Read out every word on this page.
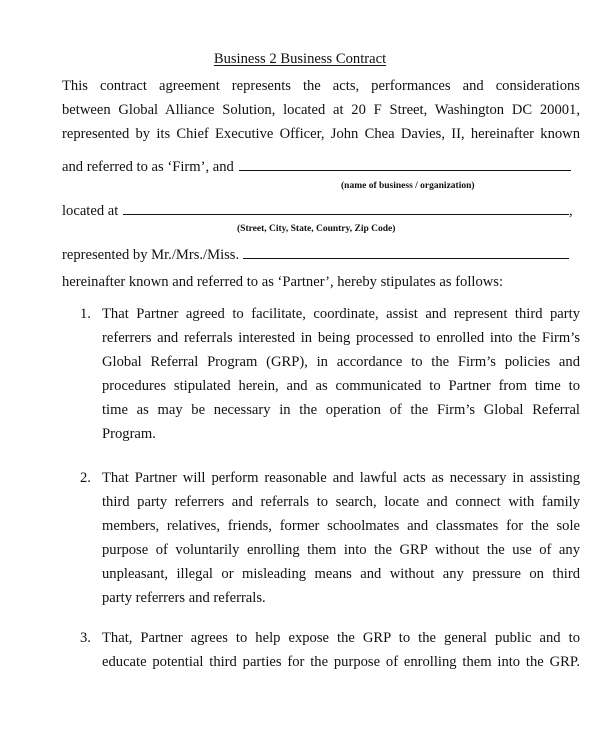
Business 2 Business Contract
This contract agreement represents the acts, performances and considerations
between Global Alliance Solution, located at 20 F Street, Washington DC 20001,
represented by its Chief Executive Officer, John Chea Davies, II, hereinafter known
and referred to as ‘Firm’, and
(name of business / organization)
located at	,
(Street, City, State, Country, Zip Code)
represented by Mr./Mrs./Miss.
hereinafter known and referred to as ‘Partner’, hereby stipulates as follows:
1. That Partner agreed to facilitate, coordinate, assist and represent third party
referrers and referrals interested in being processed to enrolled into the Firm’s
Global Referral Program (GRP), in accordance to the Firm’s policies and
procedures stipulated herein, and as communicated to Partner from time to
time as may be necessary in the operation of the Firm’s Global Referral
Program.
2. That Partner will perform reasonable and lawful acts as necessary in assisting
third party referrers and referrals to search, locate and connect with family
members, relatives, friends, former schoolmates and classmates for the sole
purpose of voluntarily enrolling them into the GRP without the use of any
unpleasant, illegal or misleading means and without any pressure on third
party referrers and referrals.
3. That, Partner agrees to help expose the GRP to the general public and to
educate potential third parties for the purpose of enrolling them into the GRP.
